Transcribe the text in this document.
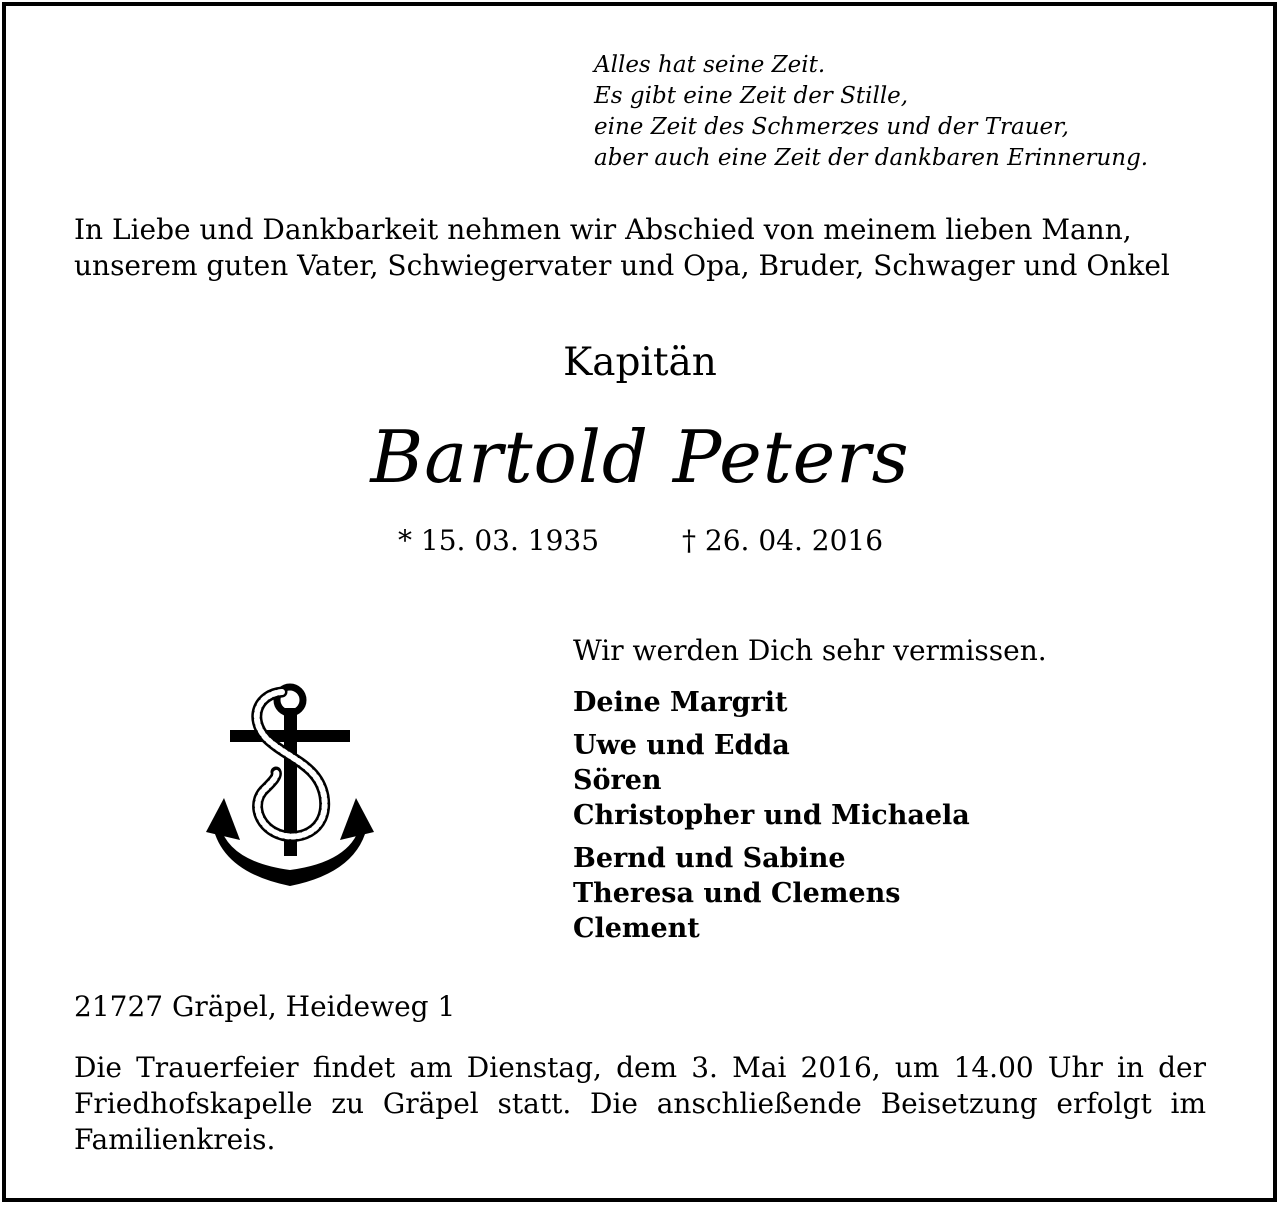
Alles hat seine Zeit.
Es gibt eine Zeit der Stille,
eine Zeit des Schmerzes und der Trauer,
aber auch eine Zeit der dankbaren Erinnerung.
In Liebe und Dankbarkeit nehmen wir Abschied von meinem lieben Mann,
unserem guten Vater, Schwiegervater und Opa, Bruder, Schwager und Onkel
Kapitän
Bartold Peters
* 15. 03. 1935	† 26. 04. 2016
Wir werden Dich sehr vermissen.
Deine Margrit
Uwe und Edda
Sören
Christopher und Michaela
Bernd und Sabine
Theresa und Clemens
Clement
21727 Gräpel, Heideweg 1
Die Trauerfeier findet am Dienstag, dem 3. Mai 2016, um 14.00 Uhr in der Friedhofskapelle zu Gräpel statt. Die anschließende Beisetzung erfolgt im Familienkreis.
